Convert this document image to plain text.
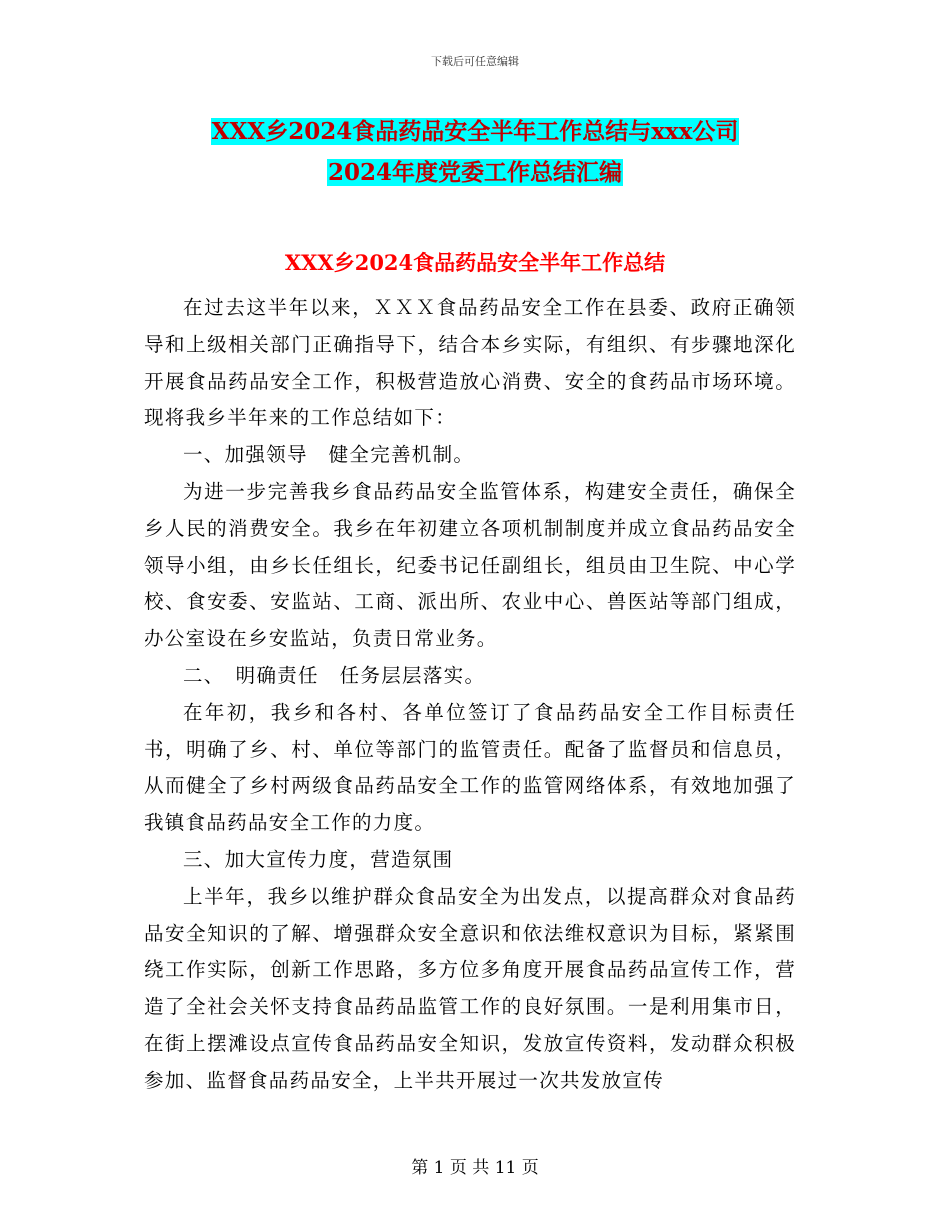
下载后可任意编辑
XXX乡2024食品药品安全半年工作总结与xxx公司
2024年度党委工作总结汇编
XXX乡2024食品药品安全半年工作总结

在过去这半年以来，ＸＸＸ食品药品安全工作在县委、政府正确领导和上级相关部门正确指导下，结合本乡实际，有组织、有步骤地深化开展食品药品安全工作，积极营造放心消费、安全的食药品市场环境。现将我乡半年来的工作总结如下：

一、加强领导　健全完善机制。

为进一步完善我乡食品药品安全监管体系，构建安全责任，确保全乡人民的消费安全。我乡在年初建立各项机制制度并成立食品药品安全领导小组，由乡长任组长，纪委书记任副组长，组员由卫生院、中心学校、食安委、安监站、工商、派出所、农业中心、兽医站等部门组成，办公室设在乡安监站，负责日常业务。

二、　明确责任　任务层层落实。

在年初，我乡和各村、各单位签订了食品药品安全工作目标责任书，明确了乡、村、单位等部门的监管责任。配备了监督员和信息员，从而健全了乡村两级食品药品安全工作的监管网络体系，有效地加强了我镇食品药品安全工作的力度。

三、加大宣传力度，营造氛围

上半年，我乡以维护群众食品安全为出发点，以提高群众对食品药品安全知识的了解、增强群众安全意识和依法维权意识为目标，紧紧围绕工作实际，创新工作思路，多方位多角度开展食品药品宣传工作，营造了全社会关怀支持食品药品监管工作的良好氛围。一是利用集市日，在街上摆滩设点宣传食品药品安全知识，发放宣传资料，发动群众积极参加、监督食品药品安全，上半共开展过一次共发放宣传

第 1 页 共 11 页
